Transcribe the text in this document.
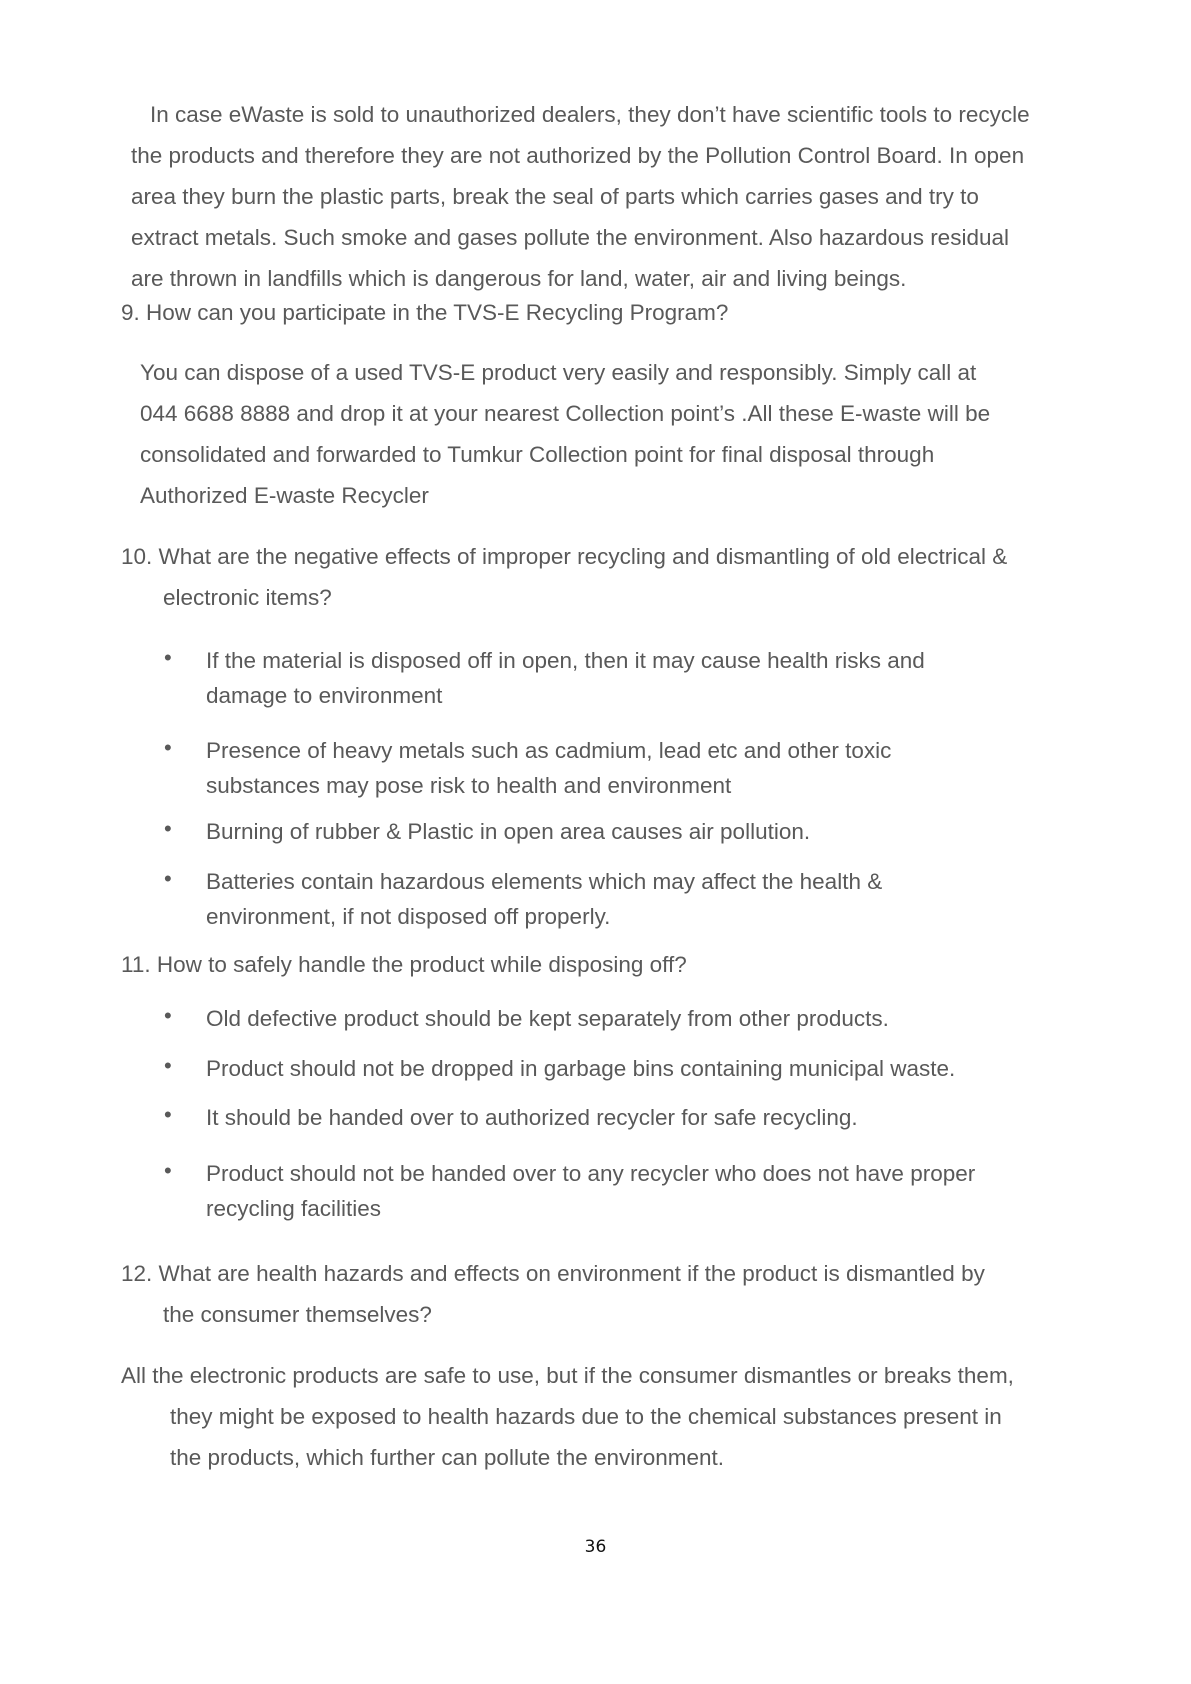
In case eWaste is sold to unauthorized dealers, they don’t have scientific tools to recycle
the products and therefore they are not authorized by the Pollution Control Board. In open
area they burn the plastic parts, break the seal of parts which carries gases and try to
extract metals. Such smoke and gases pollute the environment. Also hazardous residual
are thrown in landfills which is dangerous for land, water, air and living beings.
9. How can you participate in the TVS-E Recycling Program?
You can dispose of a used TVS-E product very easily and responsibly. Simply call at
044 6688 8888 and drop it at your nearest Collection point’s .All these E-waste will be
consolidated and forwarded to Tumkur Collection point for final disposal through
Authorized E-waste Recycler
10. What are the negative effects of improper recycling and dismantling of old electrical &
electronic items?
• If the material is disposed off in open, then it may cause health risks and
damage to environment
• Presence of heavy metals such as cadmium, lead etc and other toxic
substances may pose risk to health and environment
• Burning of rubber & Plastic in open area causes air pollution.
• Batteries contain hazardous elements which may affect the health &
environment, if not disposed off properly.
11. How to safely handle the product while disposing off?
• Old defective product should be kept separately from other products.
• Product should not be dropped in garbage bins containing municipal waste.
• It should be handed over to authorized recycler for safe recycling.
• Product should not be handed over to any recycler who does not have proper
recycling facilities
12. What are health hazards and effects on environment if the product is dismantled by
the consumer themselves?
All the electronic products are safe to use, but if the consumer dismantles or breaks them,
they might be exposed to health hazards due to the chemical substances present in
the products, which further can pollute the environment.
36
